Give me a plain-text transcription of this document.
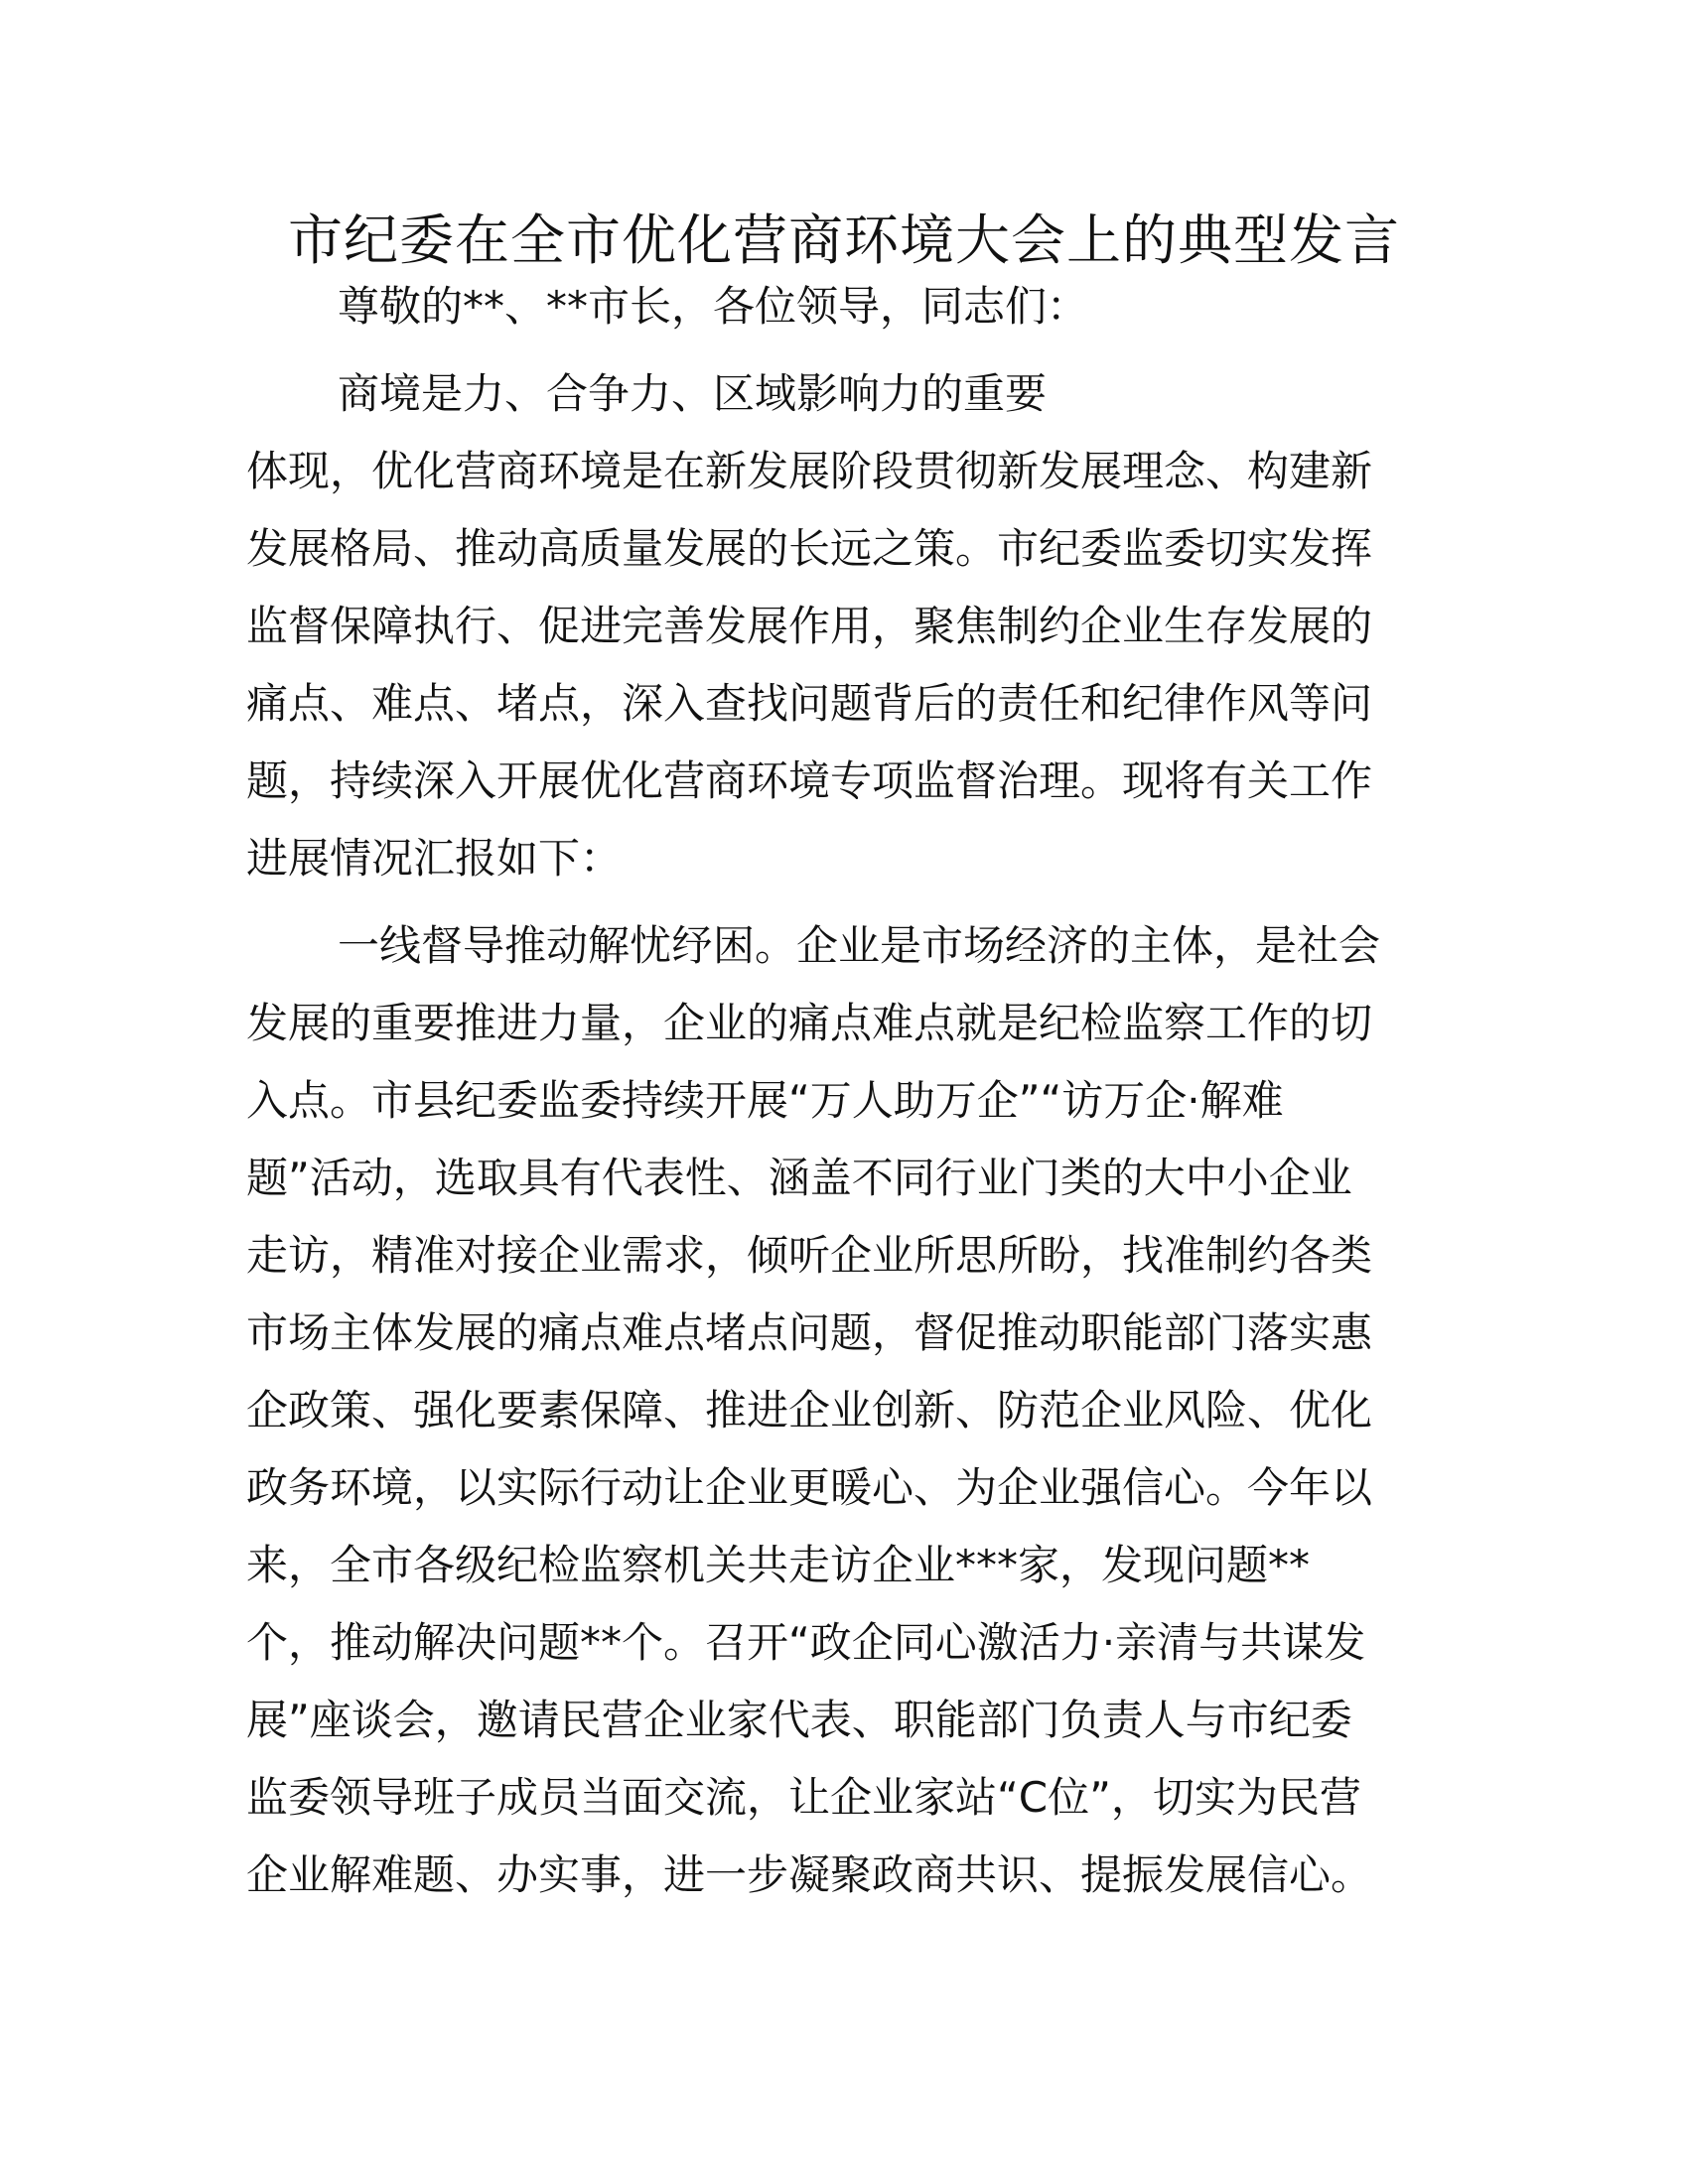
市纪委在全市优化营商环境大会上的典型发言
尊敬的**、**市长，各位领导，同志们：
商境是力、合争力、区域影响力的重要
体现，优化营商环境是在新发展阶段贯彻新发展理念、构建新
发展格局、推动高质量发展的长远之策。市纪委监委切实发挥
监督保障执行、促进完善发展作用，聚焦制约企业生存发展的
痛点、难点、堵点，深入查找问题背后的责任和纪律作风等问
题，持续深入开展优化营商环境专项监督治理。现将有关工作
进展情况汇报如下：
一线督导推动解忧纾困。企业是市场经济的主体，是社会
发展的重要推进力量，企业的痛点难点就是纪检监察工作的切
入点。市县纪委监委持续开展“万人助万企”“访万企·解难
题”活动，选取具有代表性、涵盖不同行业门类的大中小企业
走访，精准对接企业需求，倾听企业所思所盼，找准制约各类
市场主体发展的痛点难点堵点问题，督促推动职能部门落实惠
企政策、强化要素保障、推进企业创新、防范企业风险、优化
政务环境，以实际行动让企业更暖心、为企业强信心。今年以
来，全市各级纪检监察机关共走访企业***家，发现问题**
个，推动解决问题**个。召开“政企同心激活力·亲清与共谋发
展”座谈会，邀请民营企业家代表、职能部门负责人与市纪委
监委领导班子成员当面交流，让企业家站“C位”，切实为民营
企业解难题、办实事，进一步凝聚政商共识、提振发展信心。
